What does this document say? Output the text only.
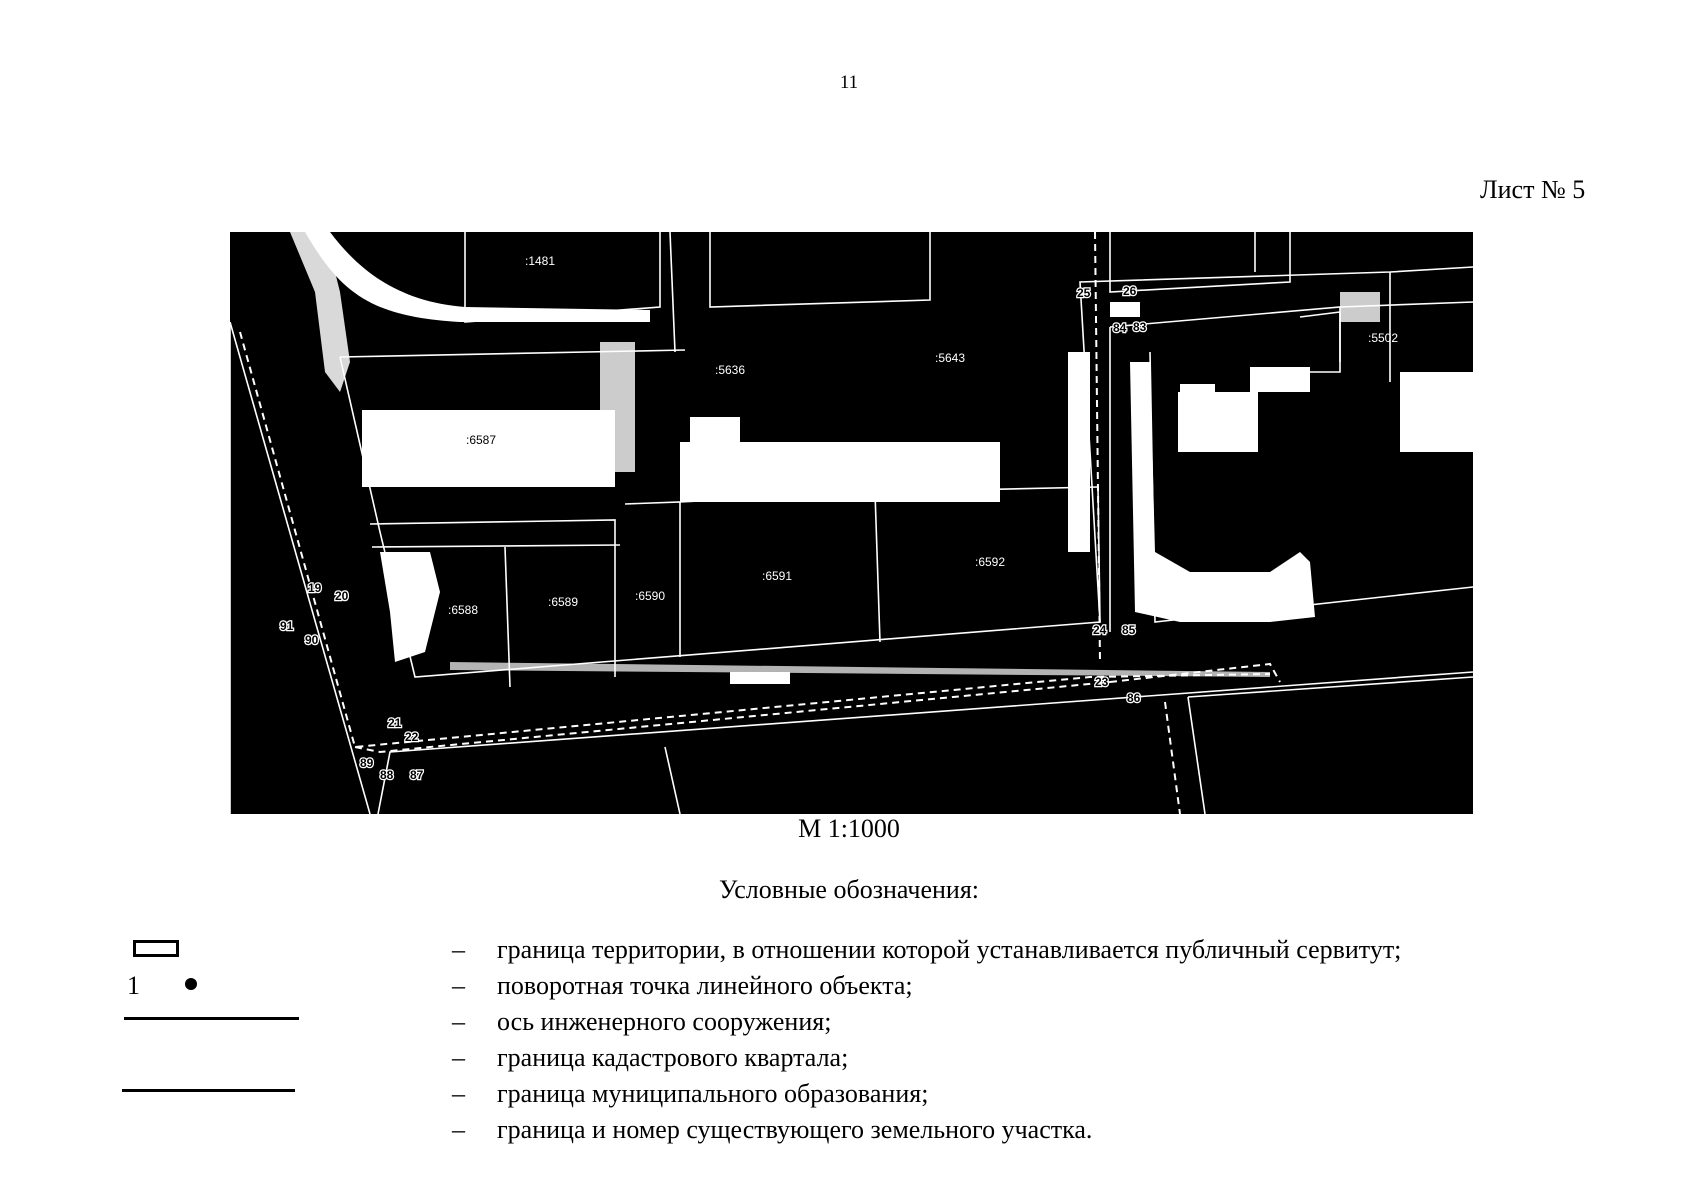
11
Лист № 5
:1481
:5636
:5643
:5502
:6587	:93
:6588
:6589	:6590
:6591
:6592
25	26
84 83
19
20
91
90
24 85
23
86
21
22
89
88 87
М 1:1000
Условные обозначения:
– граница территории, в отношении которой устанавливается публичный сервитут;
1	– поворотная точка линейного объекта;
– ось инженерного сооружения;
– граница кадастрового квартала;
– граница муниципального образования;
– граница и номер существующего земельного участка.
